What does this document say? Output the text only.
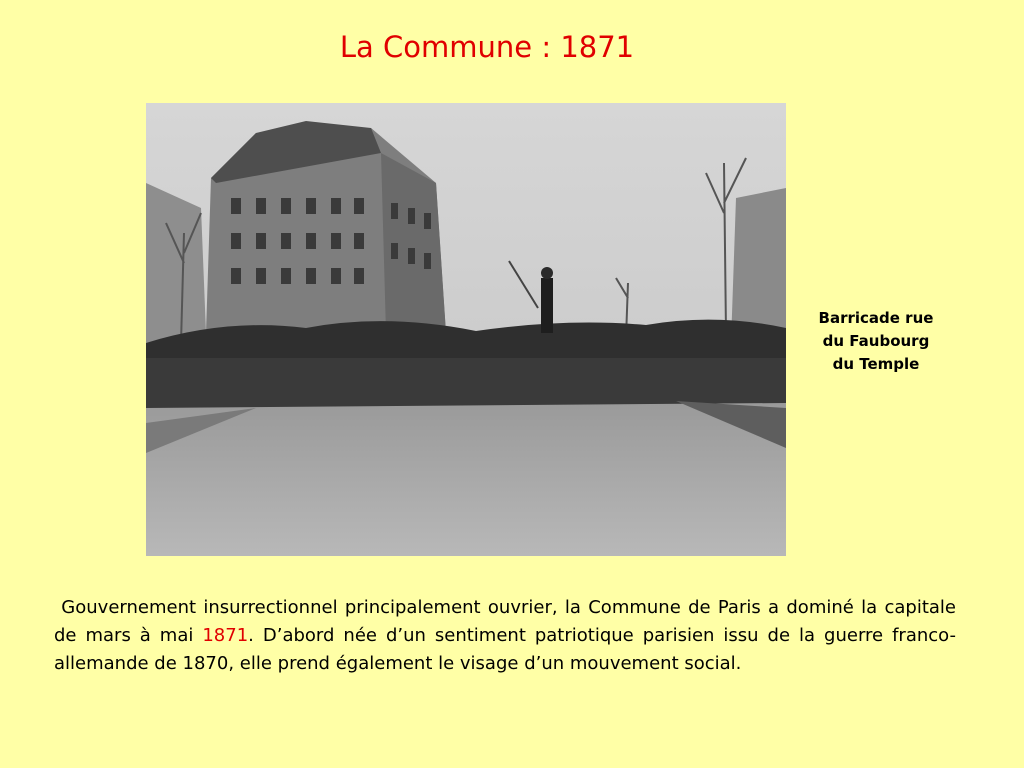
La Commune : 1871
Barricade rue
du Faubourg
du Temple
Gouvernement insurrectionnel principalement ouvrier, la Commune de Paris a dominé la capitale de mars à mai 1871. D’abord née d’un sentiment patriotique parisien issu de la guerre franco-allemande de 1870, elle prend également le visage d’un mouvement social.
